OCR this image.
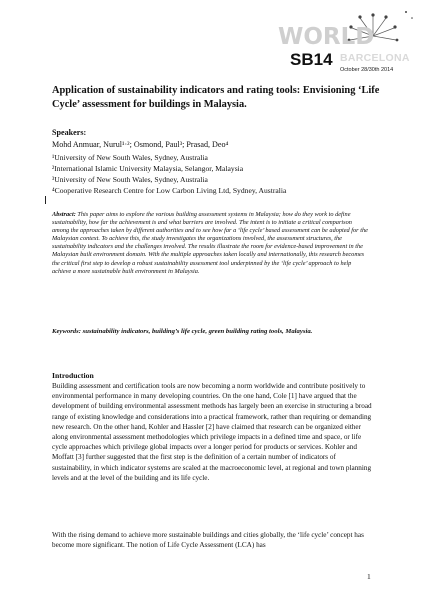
WORLD
SB14 BARCELONA
October 28/30th 2014
Application of sustainability indicators and rating tools: Envisioning ‘Life Cycle’ assessment for buildings in Malaysia.
Speakers:
Mohd Anmuar, Nurul¹·²; Osmond, Paul³; Prasad, Deo⁴
¹University of New South Wales, Sydney, Australia
²International Islamic University Malaysia, Selangor, Malaysia
³University of New South Wales, Sydney, Australia
⁴Cooperative Research Centre for Low Carbon Living Ltd, Sydney, Australia

Abstract: This paper aims to explore the various building assessment systems in Malaysia; how do they work to define sustainability, how far the achievement is and what barriers are involved. The intent is to initiate a critical comparison among the approaches taken by different authorities and to see how far a ‘life cycle’ based assessment can be adopted for the Malaysian context. To achieve this, the study investigates the organizations involved, the assessment structures, the sustainability indicators and the challenges involved. The results illustrate the room for evidence-based improvement in the Malaysian built environment domain. With the multiple approaches taken locally and internationally, this research becomes the critical first step to develop a robust sustainability assessment tool underpinned by the ‘life cycle’ approach to help achieve a more sustainable built environment in Malaysia.

Keywords: sustainability indicators, building’s life cycle, green building rating tools, Malaysia.

Introduction

Building assessment and certification tools are now becoming a norm worldwide and contribute positively to environmental performance in many developing countries. On the one hand, Cole [1] have argued that the development of building environmental assessment methods has largely been an exercise in structuring a broad range of existing knowledge and considerations into a practical framework, rather than requiring or demanding new research. On the other hand, Kohler and Hassler [2] have claimed that research can be organized either along environmental assessment methodologies which privilege impacts in a defined time and space, or life cycle approaches which privilege global impacts over a longer period for products or services. Kohler and Moffatt [3] further suggested that the first step is the definition of a certain number of indicators of sustainability, in which indicator systems are scaled at the macroeconomic level, at regional and town planning levels and at the level of the building and its life cycle.

With the rising demand to achieve more sustainable buildings and cities globally, the ‘life cycle’ concept has become more significant. The notion of Life Cycle Assessment (LCA) has

1
